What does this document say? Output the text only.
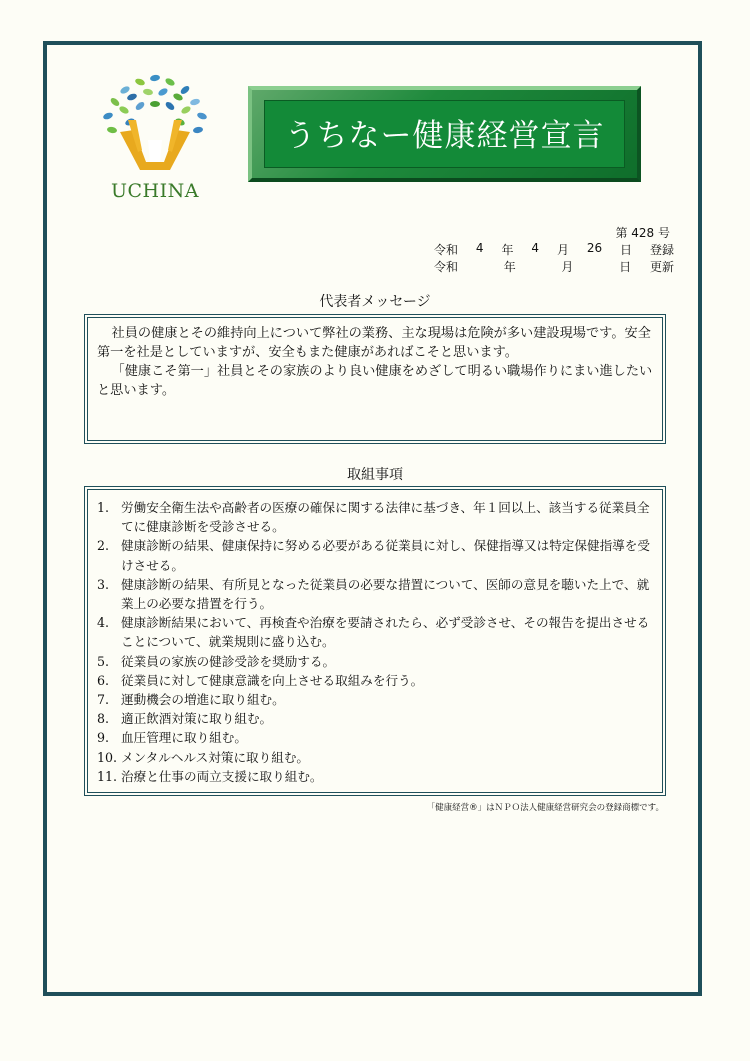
UCHINA
うちなー健康経営宣言
第 428 号
令和 4 年 4 月 26 日 登録
令和	年	月	日 更新
代表者メッセージ

社員の健康とその維持向上について弊社の業務、主な現場は危険が多い建設現場です。安全第一を社是としていますが、安全もまた健康があればこそと思います。

「健康こそ第一」社員とその家族のより良い健康をめざして明るい職場作りにまい進したいと思います。

取組事項
1. 労働安全衛生法や高齢者の医療の確保に関する法律に基づき、年１回以上、該当する従業員全てに健康診断を受診させる。
2. 健康診断の結果、健康保持に努める必要がある従業員に対し、保健指導又は特定保健指導を受けさせる。
3. 健康診断の結果、有所見となった従業員の必要な措置について、医師の意見を聴いた上で、就業上の必要な措置を行う。
4. 健康診断結果において、再検査や治療を要請されたら、必ず受診させ、その報告を提出させることについて、就業規則に盛り込む。
5. 従業員の家族の健診受診を奨励する。
6. 従業員に対して健康意識を向上させる取組みを行う。
7. 運動機会の増進に取り組む。
8. 適正飲酒対策に取り組む。
9. 血圧管理に取り組む。
10. メンタルヘルス対策に取り組む。
11. 治療と仕事の両立支援に取り組む。
「健康経営®」はＮＰＯ法人健康経営研究会の登録商標です。
